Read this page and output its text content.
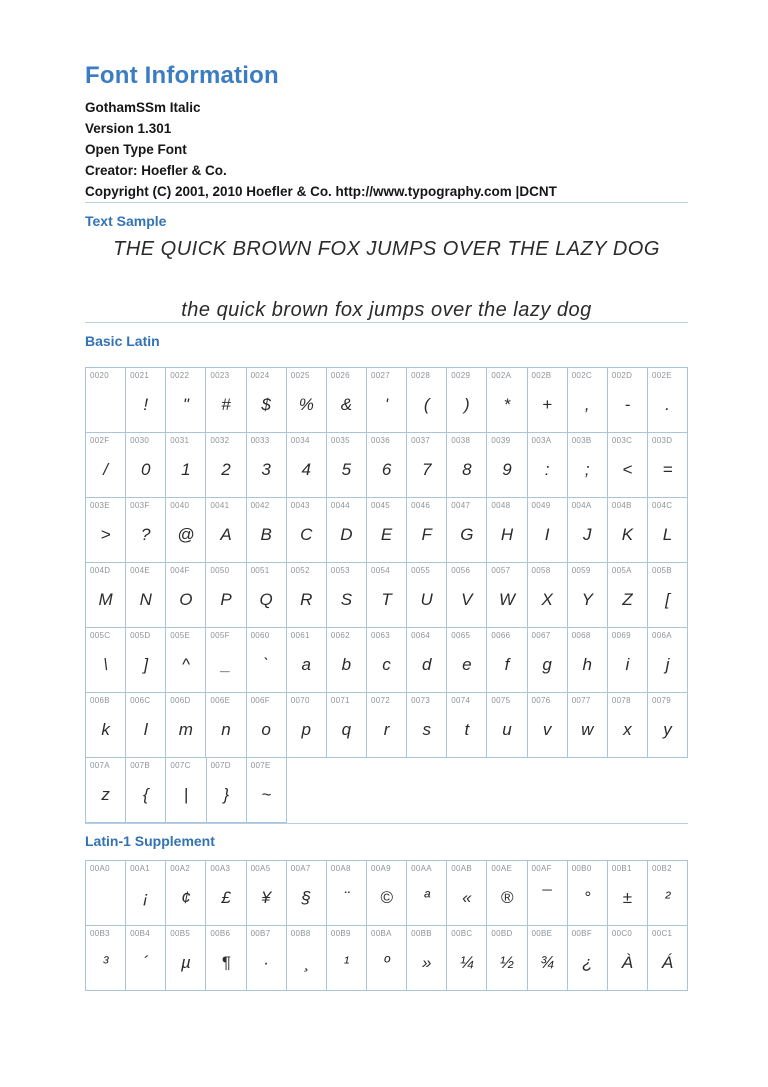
Font Information
GothamSSm Italic
Version 1.301
Open Type Font
Creator: Hoefler & Co.
Copyright (C) 2001, 2010 Hoefler & Co. http://www.typography.com |DCNT
Text Sample

THE QUICK BROWN FOX JUMPS OVER THE LAZY DOG

the quick brown fox jumps over the lazy dog

Basic Latin
0020	0021
!
0022
"
0023
#
0024
$
0025
%
0026
&
0027
'
0028
(
0029
)
002A
*
002B
+
002C
,
002D
-
002E
.
002F
/
0030
0
0031
1
0032
2
0033
3
0034
4
0035
5
0036
6
0037
7
0038
8
0039
9
003A
:
003B
;
003C
<
003D
=
003E
>
003F
?
0040
@
0041
A
0042
B
0043
C
0044
D
0045
E
0046
F
0047
G
0048
H
0049
I
004A
J
004B
K
004C
L
004D
M
004E
N
004F
O
0050
P
0051
Q
0052
R
0053
S
0054
T
0055
U
0056
V
0057
W
0058
X
0059
Y
005A
Z
005B
[
005C
\
005D
]
005E
^
005F
_
0060
`
0061
a
0062
b
0063
c
0064
d
0065
e
0066
f
0067
g
0068
h
0069
i
006A
j
006B
k
006C
l
006D
m
006E
n
006F
o
0070
p
0071
q
0072
r
0073
s
0074
t
0075
u
0076
v
0077
w
0078
x
0079
y
007A
z
007B
{
007C
|
007D
}
007E
~
Latin-1 Supplement
00A0	00A1
¡
00A2
¢
00A3
£
00A5
¥
00A7
§
00A8
¨
00A9
©
00AA
ª
00AB
«
00AE
®
00AF
¯
00B0
°
00B1
±
00B2
²
00B3
³
00B4
´
00B5
µ
00B6
¶
00B7
·
00B8
¸
00B9
¹
00BA
º
00BB
»
00BC
¼
00BD
½
00BE
¾
00BF
¿
00C0
À
00C1
Á
